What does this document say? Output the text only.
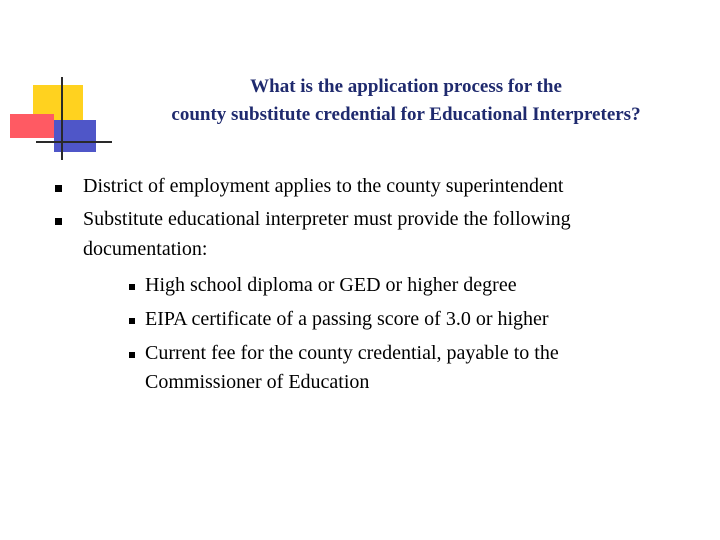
What is the application process for the
county substitute credential for Educational Interpreters?
District of employment applies to the county superintendent
Substitute educational interpreter must provide the following
documentation:
High school diploma or GED or higher degree
EIPA certificate of a passing score of 3.0 or higher
Current fee for the county credential, payable to the
Commissioner of Education
